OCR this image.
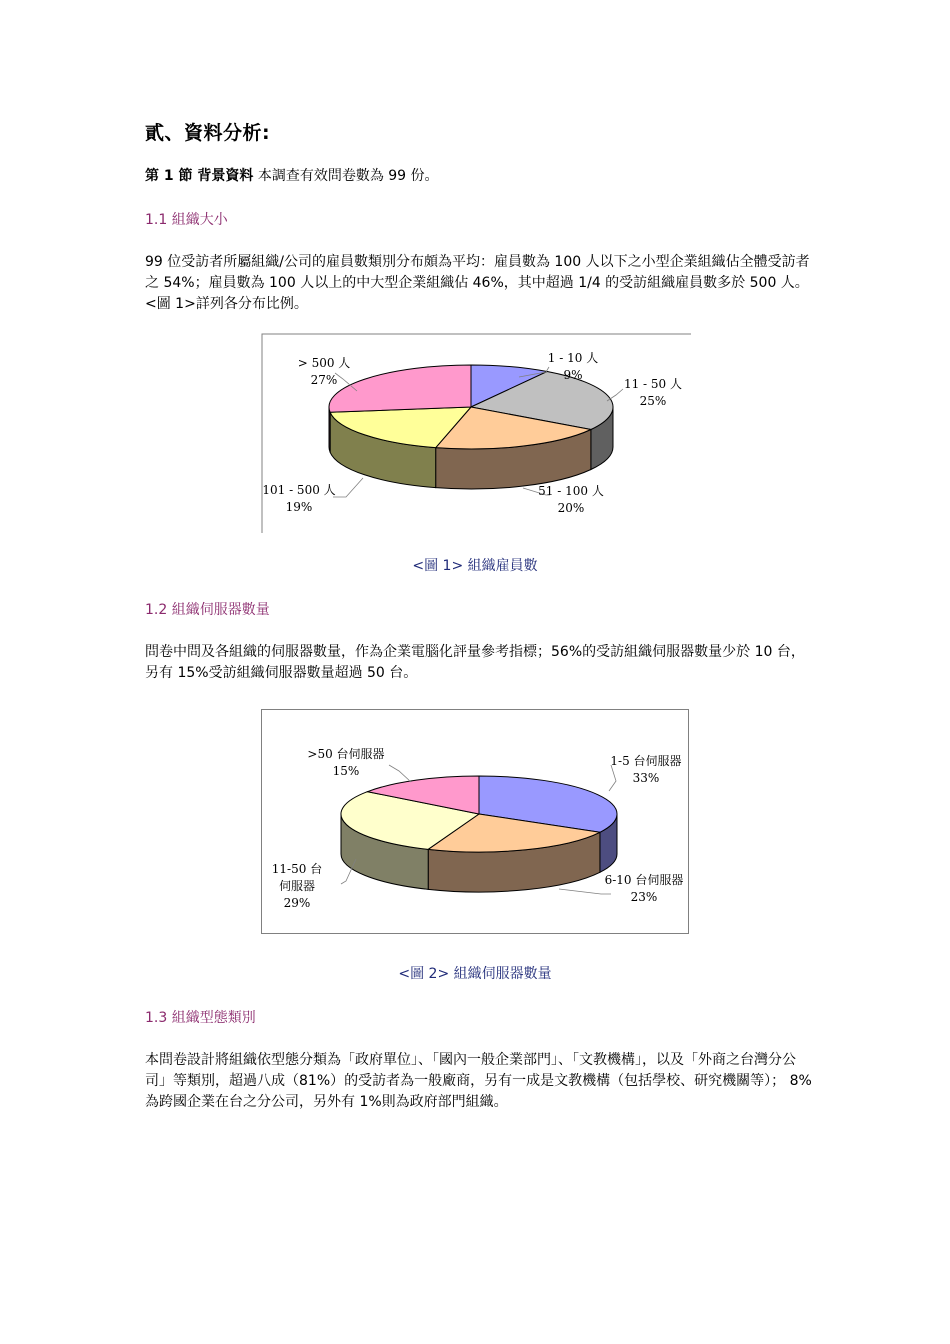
貳、資料分析:

第 1 節 背景資料 本調查有效問卷數為 99 份。

1.1 組織大小

99 位受訪者所屬組織/公司的雇員數類別分布頗為平均：雇員數為 100 人以下之小型企業組織佔全體受訪者之 54%；雇員數為 100 人以上的中大型企業組織佔 46%，其中超過 1/4 的受訪組織雇員數多於 500 人。<圖 1>詳列各分布比例。

1 - 10 人
9%
11 - 50 人
25%
51 - 100 人
20%
101 - 500 人
19%
> 500 人
27%

<圖 1> 組織雇員數

1.2 組織伺服器數量

問卷中問及各組織的伺服器數量，作為企業電腦化評量參考指標；56%的受訪組織伺服器數量少於 10 台，另有 15%受訪組織伺服器數量超過 50 台。

1-5 台伺服器
33%
6-10 台伺服器
23%
11-50 台
伺服器
29%
>50 台伺服器
15%

<圖 2> 組織伺服器數量

1.3 組織型態類別

本問卷設計將組織依型態分類為「政府單位」、「國內一般企業部門」、「文教機構」，以及「外商之台灣分公司」等類別，超過八成（81%）的受訪者為一般廠商，另有一成是文教機構（包括學校、研究機關等）； 8%為跨國企業在台之分公司，另外有 1%則為政府部門組織。
